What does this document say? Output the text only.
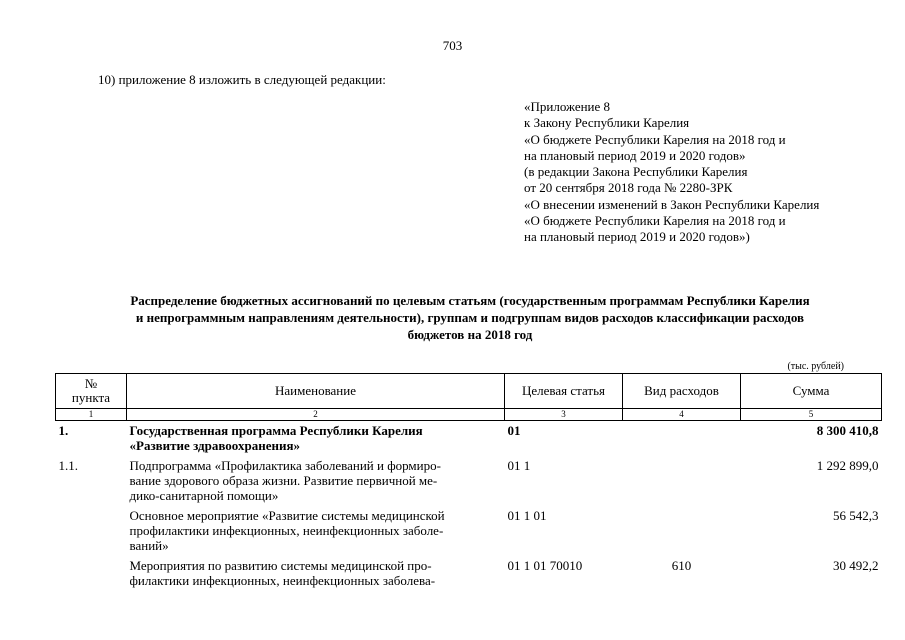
703
10) приложение 8 изложить в следующей редакции:
«Приложение 8
к Закону Республики Карелия
«О бюджете Республики Карелия на 2018 год и
на плановый период 2019 и 2020 годов»
(в редакции Закона Республики Карелия
от 20 сентября 2018 года № 2280-ЗРК
«О внесении изменений в Закон Республики Карелия
«О бюджете Республики Карелия на 2018 год и
на плановый период 2019 и 2020 годов»)
Распределение бюджетных ассигнований по целевым статьям (государственным программам Республики Карелия
и непрограммным направлениям деятельности), группам и подгруппам видов расходов классификации расходов
бюджетов на 2018 год
(тыс. рублей)
№
пункта	Наименование	Целевая статья	Вид расходов	Сумма
1	2	3	4	5
1.	Государственная программа Республики Карелия
«Развитие здравоохранения»	01		8 300 410,8
1.1.	Подпрограмма «Профилактика заболеваний и формиро-
вание здорового образа жизни. Развитие первичной ме-
дико-санитарной помощи»	01 1		1 292 899,0

	Основное мероприятие «Развитие системы медицинской
профилактики инфекционных, неинфекционных заболе-
ваний»	01 1 01		56 542,3

	Мероприятия по развитию системы медицинской про-
филактики инфекционных, неинфекционных заболева-	01 1 01 70010	610	30 492,2
